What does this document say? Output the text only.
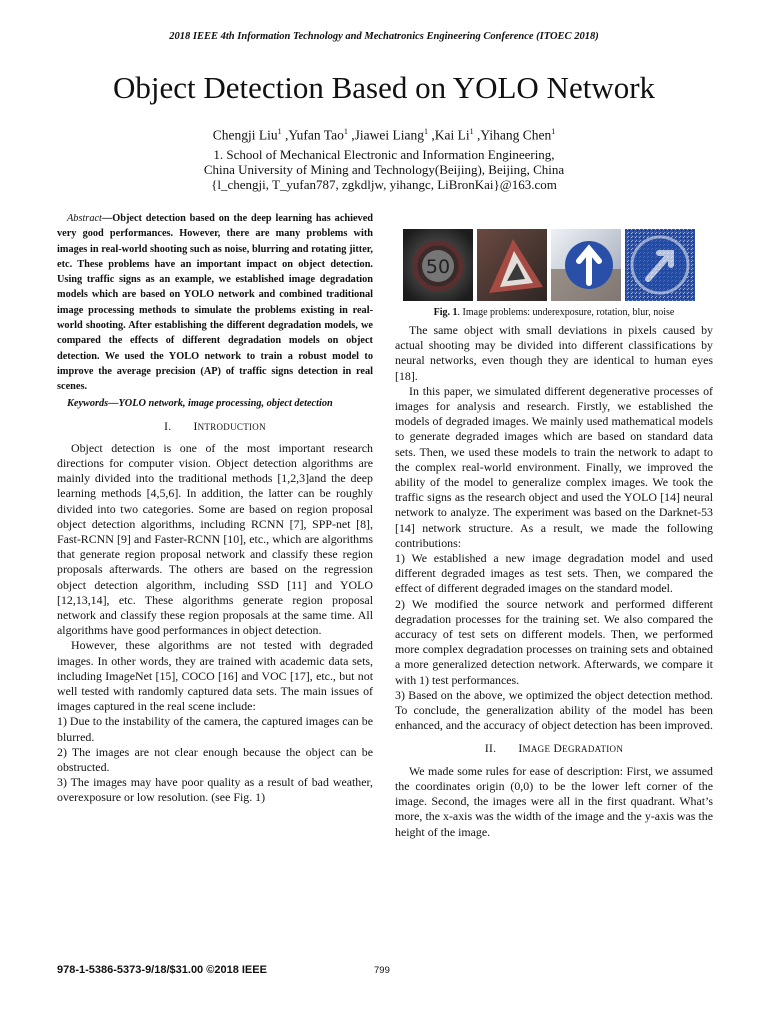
2018 IEEE 4th Information Technology and Mechatronics Engineering Conference (ITOEC 2018)
Object Detection Based on YOLO Network
Chengji Liu$^1$ ,Yufan Tao$^1$ ,Jiawei Liang$^1$ ,Kai Li$^1$ ,Yihang Chen$^1$
1. School of Mechanical Electronic and Information Engineering,
China University of Mining and Technology(Beijing), Beijing, China
{l_chengji, T_yufan787, zgkdljw, yihangc, LiBronKai}@163.com

Abstract—Object detection based on the deep learning has achieved very good performances. However, there are many problems with images in real-world shooting such as noise, blurring and rotating jitter, etc. These problems have an important impact on object detection. Using traffic signs as an example, we established image degradation models which are based on YOLO network and combined traditional image processing methods to simulate the problems existing in real-world shooting. After establishing the different degradation models, we compared the effects of different degradation models on object detection. We used the YOLO network to train a robust model to improve the average precision (AP) of traffic signs detection in real scenes.

Keywords—YOLO network, image processing, object detection

I. INTRODUCTION

Object detection is one of the most important research directions for computer vision. Object detection algorithms are mainly divided into the traditional methods [1,2,3]and the deep learning methods [4,5,6]. In addition, the latter can be roughly divided into two categories. Some are based on region proposal object detection algorithms, including RCNN [7], SPP-net [8], Fast-RCNN [9] and Faster-RCNN [10], etc., which are algorithms that generate region proposal network and classify these region proposals afterwards. The others are based on the regression object detection algorithm, including SSD [11] and YOLO [12,13,14], etc. These algorithms generate region proposal network and classify these region proposals at the same time. All algorithms have good performances in object detection.

However, these algorithms are not tested with degraded images. In other words, they are trained with academic data sets, including ImageNet [15], COCO [16] and VOC [17], etc., but not well tested with randomly captured data sets. The main issues of images captured in the real scene include:

1) Due to the instability of the camera, the captured images can be blurred.

2) The images are not clear enough because the object can be obstructed.

3) The images may have poor quality as a result of bad weather, overexposure or low resolution. (see Fig. 1)

50
Fig. 1. Image problems: underexposure, rotation, blur, noise

The same object with small deviations in pixels caused by actual shooting may be divided into different classifications by neural networks, even though they are identical to human eyes [18].

In this paper, we simulated different degenerative processes of images for analysis and research. Firstly, we established the models of degraded images. We mainly used mathematical models to generate degraded images which are based on standard data sets. Then, we used these models to train the network to adapt to the complex real-world environment. Finally, we improved the ability of the model to generalize complex images. We took the traffic signs as the research object and used the YOLO [14] neural network to analyze. The experiment was based on the Darknet-53 [14] network structure. As a result, we made the following contributions:

1) We established a new image degradation model and used different degraded images as test sets. Then, we compared the effect of different degraded images on the standard model.

2) We modified the source network and performed different degradation processes for the training set. We also compared the accuracy of test sets on different models. Then, we performed more complex degradation processes on training sets and obtained a more generalized detection network. Afterwards, we compare it with 1) test performances.

3) Based on the above, we optimized the object detection method. To conclude, the generalization ability of the model has been enhanced, and the accuracy of object detection has been improved.

II. IMAGE DEGRADATION

We made some rules for ease of description: First, we assumed the coordinates origin (0,0) to be the lower left corner of the image. Second, the images were all in the first quadrant. What’s more, the x-axis was the width of the image and the y-axis was the height of the image.

978-1-5386-5373-9/18/$31.00 ©2018 IEEE	799
